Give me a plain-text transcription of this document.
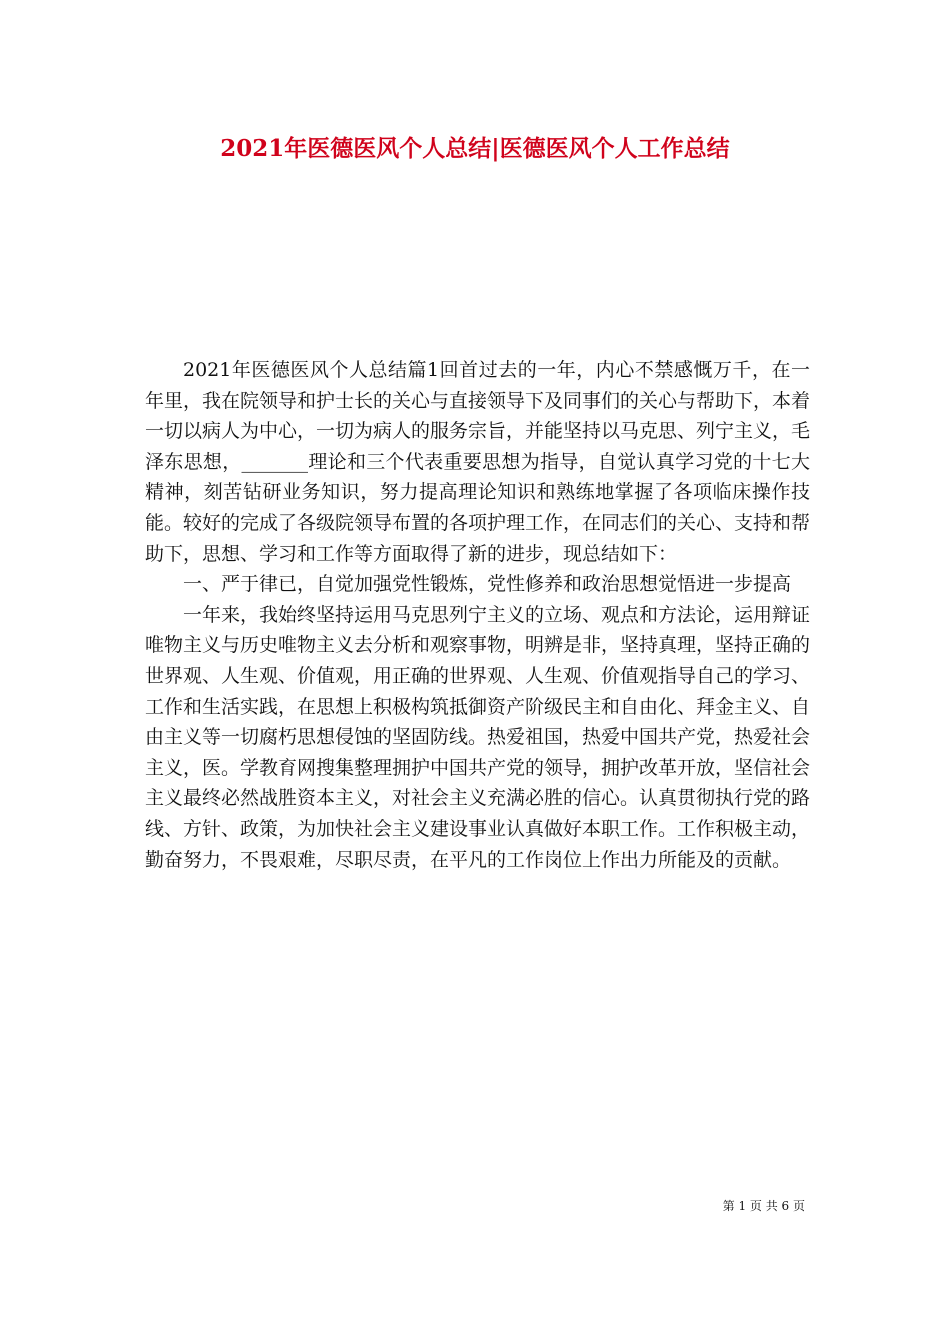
2021年医德医风个人总结|医德医风个人工作总结

2021年医德医风个人总结篇1回首过去的一年，内心不禁感慨万千，在一年里，我在院领导和护士长的关心与直接领导下及同事们的关心与帮助下，本着一切以病人为中心，一切为病人的服务宗旨，并能坚持以马克思、列宁主义，毛泽东思想，_______理论和三个代表重要思想为指导，自觉认真学习党的十七大精神，刻苦钻研业务知识，努力提高理论知识和熟练地掌握了各项临床操作技能。较好的完成了各级院领导布置的各项护理工作，在同志们的关心、支持和帮助下，思想、学习和工作等方面取得了新的进步，现总结如下：

一、严于律已，自觉加强党性锻炼，党性修养和政治思想觉悟进一步提高

一年来，我始终坚持运用马克思列宁主义的立场、观点和方法论，运用辩证唯物主义与历史唯物主义去分析和观察事物，明辨是非，坚持真理，坚持正确的世界观、人生观、价值观，用正确的世界观、人生观、价值观指导自己的学习、工作和生活实践，在思想上积极构筑抵御资产阶级民主和自由化、拜金主义、自由主义等一切腐朽思想侵蚀的坚固防线。热爱祖国，热爱中国共产党，热爱社会主义，医。学教育网搜集整理拥护中国共产党的领导，拥护改革开放，坚信社会主义最终必然战胜资本主义，对社会主义充满必胜的信心。认真贯彻执行党的路线、方针、政策，为加快社会主义建设事业认真做好本职工作。工作积极主动，勤奋努力，不畏艰难，尽职尽责，在平凡的工作岗位上作出力所能及的贡献。

第 1 页 共 6 页
